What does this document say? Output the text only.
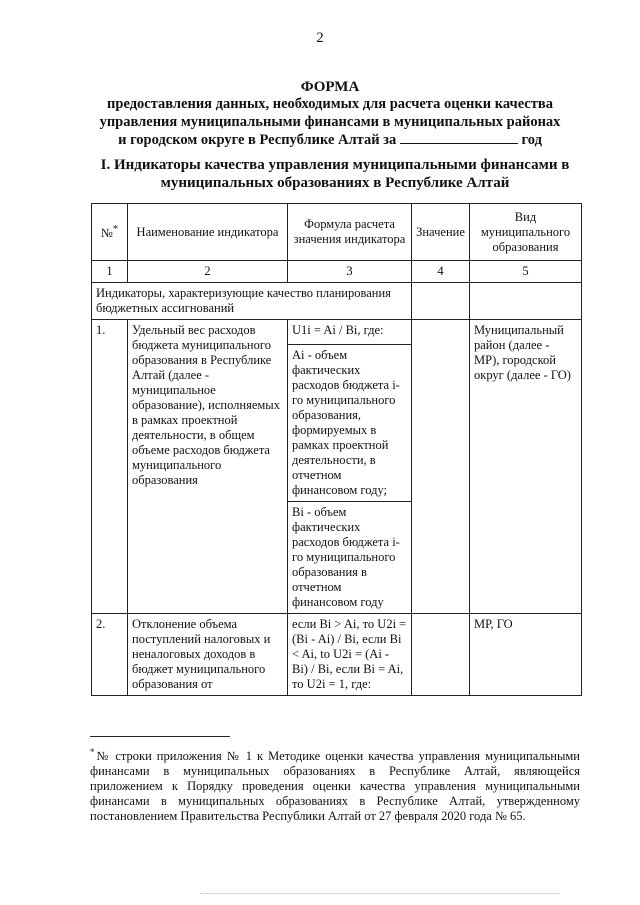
2
ФОРМА
предоставления данных, необходимых для расчета оценки качества
управления муниципальными финансами в муниципальных районах
и городском округе в Республике Алтай за	год
I. Индикаторы качества управления муниципальными финансами в
муниципальных образованиях в Республике Алтай
№*	Наименование индикатора	Формула расчета значения индикатора	Значение	Вид муниципального образования
1	2	3	4	5
Индикаторы, характеризующие качество планирования бюджетных ассигнований				
1.	Удельный вес расходов бюджета муниципального образования в Республике Алтай (далее - муниципальное образование), исполняемых в рамках проектной деятельности, в общем объеме расходов бюджета муниципального образования	U1i = Ai / Bi, где:		Муниципальный район (далее - МР), городской округ (далее - ГО)
		Ai - объем фактических расходов бюджета i-го муниципального образования, формируемых в рамках проектной деятельности, в отчетном финансовом году;		
		Bi - объем фактических расходов бюджета i-го муниципального образования в отчетном финансовом году		
2.	Отклонение объема поступлений налоговых и неналоговых доходов в бюджет муниципального образования от	если Bi > Ai, то U2i = (Bi - Ai) / Bi, если Bi < Ai, to U2i = (Ai - Bi) / Bi, если Bi = Ai, то U2i = 1, где:		МР, ГО
*№ строки приложения № 1 к Методике оценки качества управления муниципальными финансами в муниципальных образованиях в Республике Алтай, являющейся приложением к Порядку проведения оценки качества управления муниципальными финансами в муниципальных образованиях в Республике Алтай, утвержденному постановлением Правительства Республики Алтай от 27 февраля 2020 года № 65.
